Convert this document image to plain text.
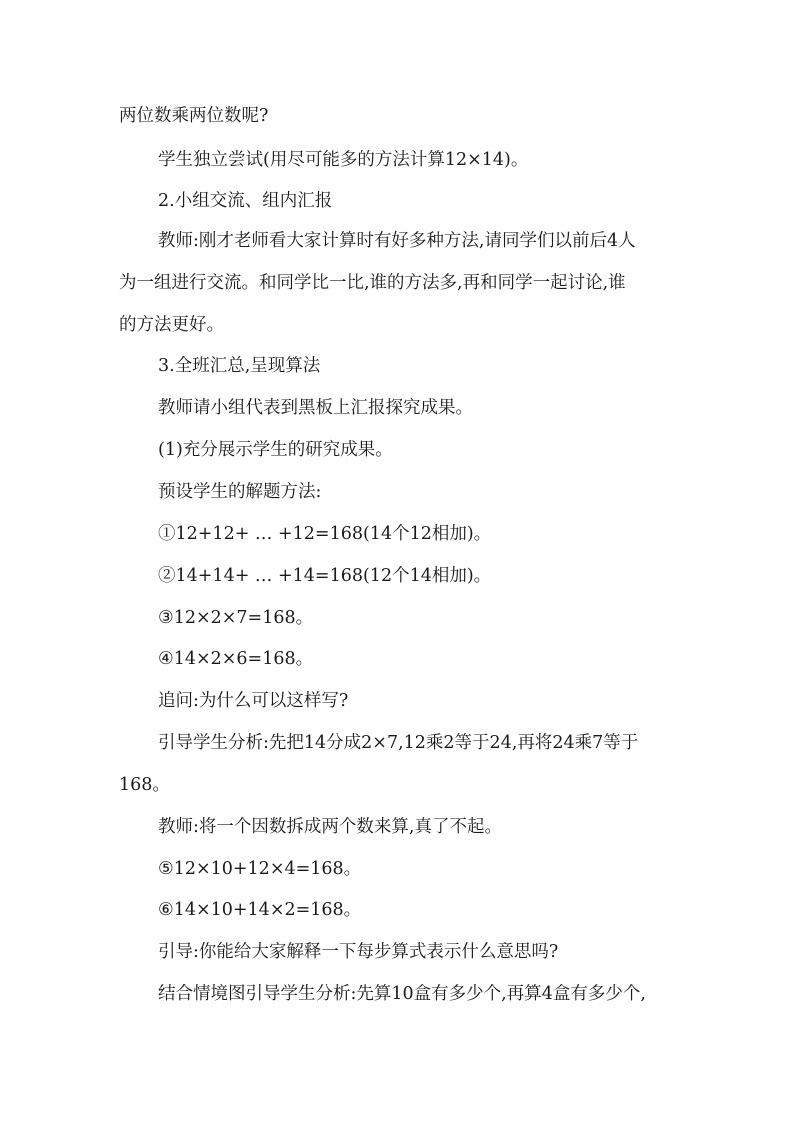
两位数乘两位数呢?

学生独立尝试(用尽可能多的方法计算12×14)。

2.小组交流、组内汇报

教师:刚才老师看大家计算时有好多种方法,请同学们以前后4人

为一组进行交流。和同学比一比,谁的方法多,再和同学一起讨论,谁

的方法更好。

3.全班汇总,呈现算法

教师请小组代表到黑板上汇报探究成果。

(1)充分展示学生的研究成果。

预设学生的解题方法:

①12+12+ … +12=168(14个12相加)。

②14+14+ … +14=168(12个14相加)。

③12×2×7=168。

④14×2×6=168。

追问:为什么可以这样写?

引导学生分析:先把14分成2×7,12乘2等于24,再将24乘7等于

168。

教师:将一个因数拆成两个数来算,真了不起。

⑤12×10+12×4=168。

⑥14×10+14×2=168。

引导:你能给大家解释一下每步算式表示什么意思吗?

结合情境图引导学生分析:先算10盒有多少个,再算4盒有多少个,
